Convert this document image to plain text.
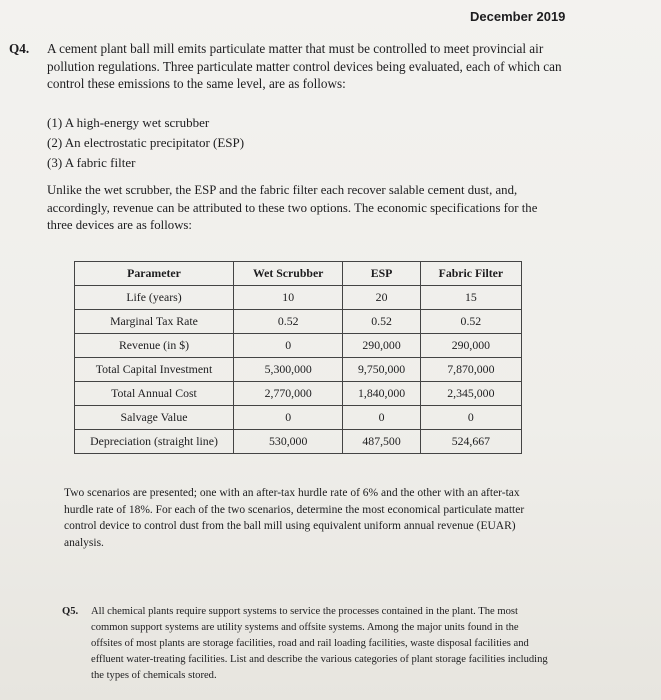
December 2019
Q4. A cement plant ball mill emits particulate matter that must be controlled to meet provincial air pollution regulations. Three particulate matter control devices being evaluated, each of which can control these emissions to the same level, are as follows:
(1) A high-energy wet scrubber
(2) An electrostatic precipitator (ESP)
(3) A fabric filter
Unlike the wet scrubber, the ESP and the fabric filter each recover salable cement dust, and, accordingly, revenue can be attributed to these two options. The economic specifications for the three devices are as follows:
Parameter	Wet Scrubber	ESP	Fabric Filter
Life (years)	10	20	15
Marginal Tax Rate	0.52	0.52	0.52
Revenue (in $)	0	290,000	290,000
Total Capital Investment	5,300,000	9,750,000	7,870,000
Total Annual Cost	2,770,000	1,840,000	2,345,000
Salvage Value	0	0	0
Depreciation (straight line)	530,000	487,500	524,667
Two scenarios are presented; one with an after-tax hurdle rate of 6% and the other with an after-tax hurdle rate of 18%. For each of the two scenarios, determine the most economical particulate matter control device to control dust from the ball mill using equivalent uniform annual revenue (EUAR) analysis.
Q5. All chemical plants require support systems to service the processes contained in the plant. The most common support systems are utility systems and offsite systems. Among the major units found in the offsites of most plants are storage facilities, road and rail loading facilities, waste disposal facilities and effluent water-treating facilities. List and describe the various categories of plant storage facilities including the types of chemicals stored.
